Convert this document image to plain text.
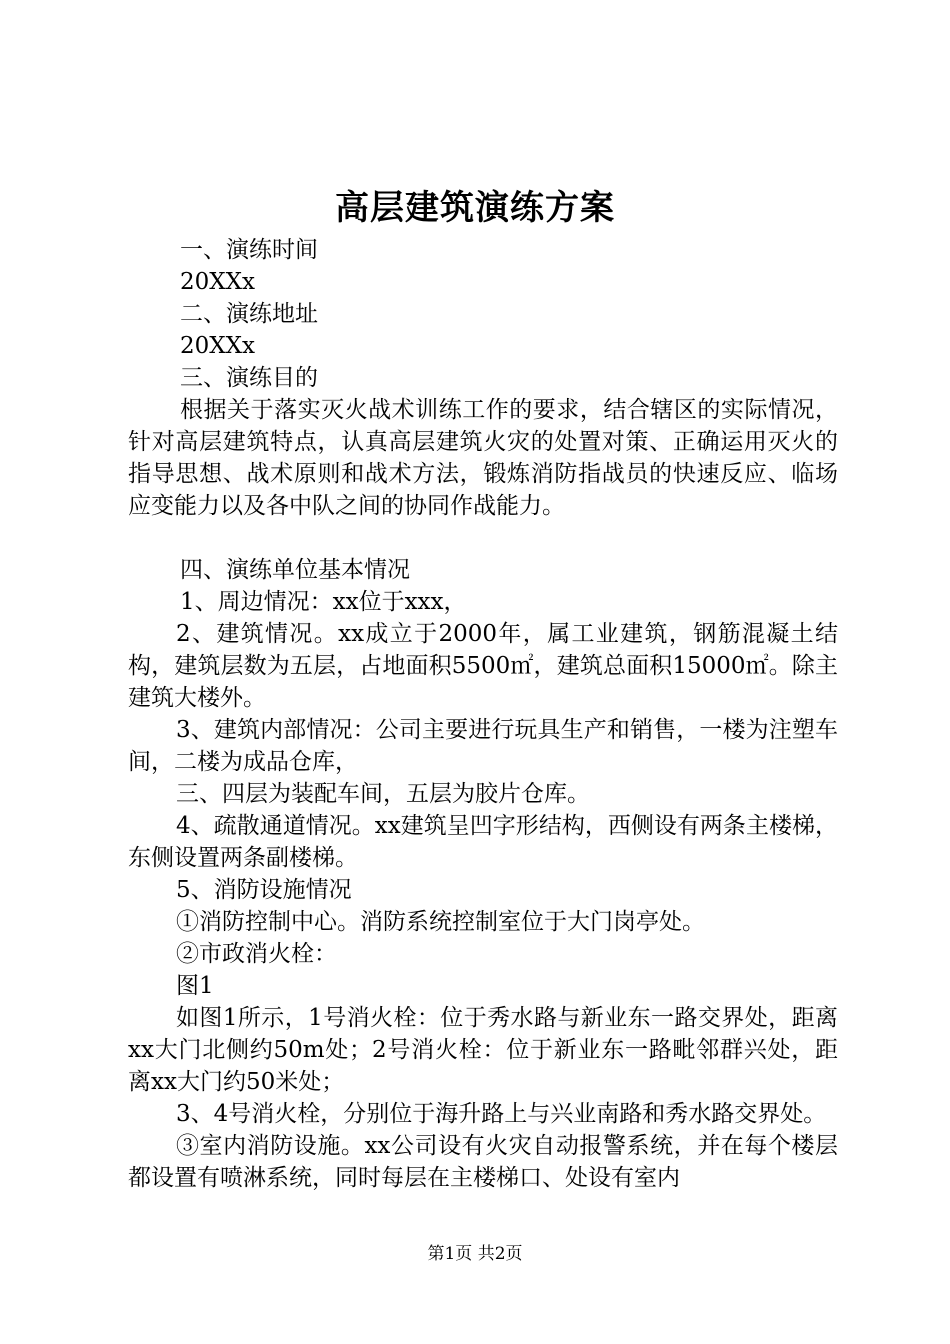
高层建筑演练方案

一、演练时间

20XXx

二、演练地址

20XXx

三、演练目的

根据关于落实灭火战术训练工作的要求，结合辖区的实际情况，针对高层建筑特点，认真高层建筑火灾的处置对策、正确运用灭火的指导思想、战术原则和战术方法，锻炼消防指战员的快速反应、临场应变能力以及各中队之间的协同作战能力。

四、演练单位基本情况

1、周边情况：xx位于xxx，

2、建筑情况。xx成立于2000年，属工业建筑，钢筋混凝土结构，建筑层数为五层，占地面积5500㎡，建筑总面积15000㎡。除主建筑大楼外。

3、建筑内部情况：公司主要进行玩具生产和销售，一楼为注塑车间，二楼为成品仓库，

三、四层为装配车间，五层为胶片仓库。

4、疏散通道情况。xx建筑呈凹字形结构，西侧设有两条主楼梯，东侧设置两条副楼梯。

5、消防设施情况

①消防控制中心。消防系统控制室位于大门岗亭处。

②市政消火栓：

图1

如图1所示，1号消火栓：位于秀水路与新业东一路交界处，距离xx大门北侧约50m处；2号消火栓：位于新业东一路毗邻群兴处，距离xx大门约50米处；

3、4号消火栓，分别位于海升路上与兴业南路和秀水路交界处。

③室内消防设施。xx公司设有火灾自动报警系统，并在每个楼层都设置有喷淋系统，同时每层在主楼梯口、处设有室内

第1页 共2页
